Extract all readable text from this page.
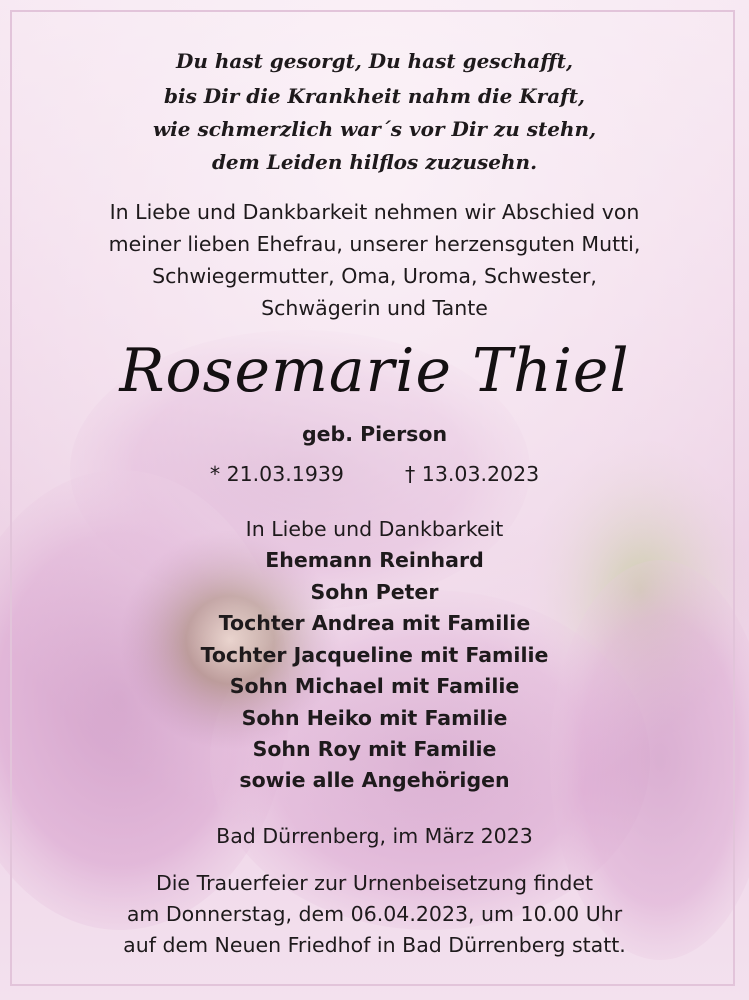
Du hast gesorgt, Du hast geschafft,
bis Dir die Krankheit nahm die Kraft,
wie schmerzlich war´s vor Dir zu stehn,
dem Leiden hilflos zuzusehn.
In Liebe und Dankbarkeit nehmen wir Abschied von
meiner lieben Ehefrau, unserer herzensguten Mutti,
Schwiegermutter, Oma, Uroma, Schwester,
Schwägerin und Tante
Rosemarie Thiel
geb. Pierson
* 21.03.1939	† 13.03.2023
In Liebe und Dankbarkeit
Ehemann Reinhard
Sohn Peter
Tochter Andrea mit Familie
Tochter Jacqueline mit Familie
Sohn Michael mit Familie
Sohn Heiko mit Familie
Sohn Roy mit Familie
sowie alle Angehörigen
Bad Dürrenberg, im März 2023
Die Trauerfeier zur Urnenbeisetzung findet
am Donnerstag, dem 06.04.2023, um 10.00 Uhr
auf dem Neuen Friedhof in Bad Dürrenberg statt.
